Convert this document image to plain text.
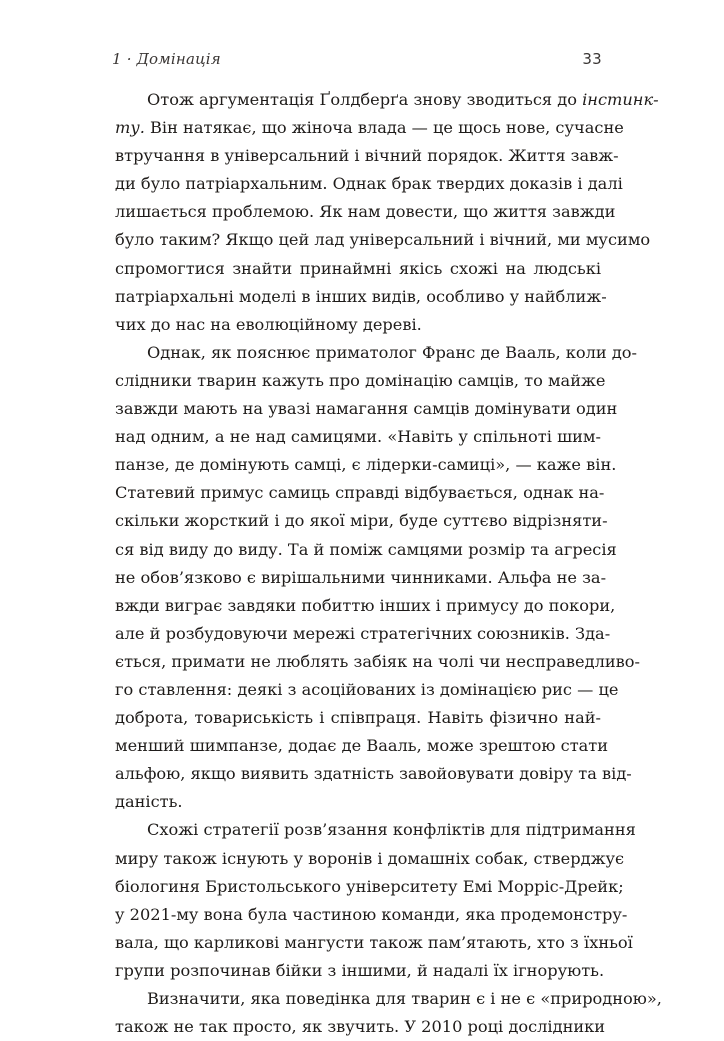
1 · Домінація	33
Отож аргументація Ґолдберґа знову зводиться до інстинк-
ту. Він натякає, що жіноча влада — це щось нове, сучасне
втручання в універсальний і вічний порядок. Життя завж-
ди було патріархальним. Однак брак твердих доказів і далі
лишається проблемою. Як нам довести, що життя завжди
було таким? Якщо цей лад універсальний і вічний, ми мусимо
спромогтися знайти принаймні якісь схожі на людські
патріархальні моделі в інших видів, особливо у найближ-
чих до нас на еволюційному дереві.
Однак, як пояснює приматолог Франс де Вааль, коли до-
слідники тварин кажуть про домінацію самців, то майже
завжди мають на увазі намагання самців домінувати один
над одним, а не над самицями. «Навіть у спільноті шим-
панзе, де домінують самці, є лідерки-самиці», — каже він.
Статевий примус самиць справді відбувається, однак на-
скільки жорсткий і до якої міри, буде суттєво відрізняти-
ся від виду до виду. Та й поміж самцями розмір та агресія
не обов’язково є вирішальними чинниками. Альфа не за-
вжди виграє завдяки побиттю інших і примусу до покори,
але й розбудовуючи мережі стратегічних союзників. Зда-
ється, примати не люблять забіяк на чолі чи несправедливо-
го ставлення: деякі з асоційованих із домінацією рис — це
доброта, товариськість і співпраця. Навіть фізично най-
менший шимпанзе, додає де Вааль, може зрештою стати
альфою, якщо виявить здатність завойовувати довіру та від-
даність.
Схожі стратегії розв’язання конфліктів для підтримання
миру також існують у воронів і домашніх собак, стверджує
біологиня Бристольського університету Емі Морріс-Дрейк;
у 2021-му вона була частиною команди, яка продемонстру-
вала, що карликові мангусти також пам’ятають, хто з їхньої
групи розпочинав бійки з іншими, й надалі їх ігнорують.
Визначити, яка поведінка для тварин є і не є «природною»,
також не так просто, як звучить. У 2010 році дослідники
